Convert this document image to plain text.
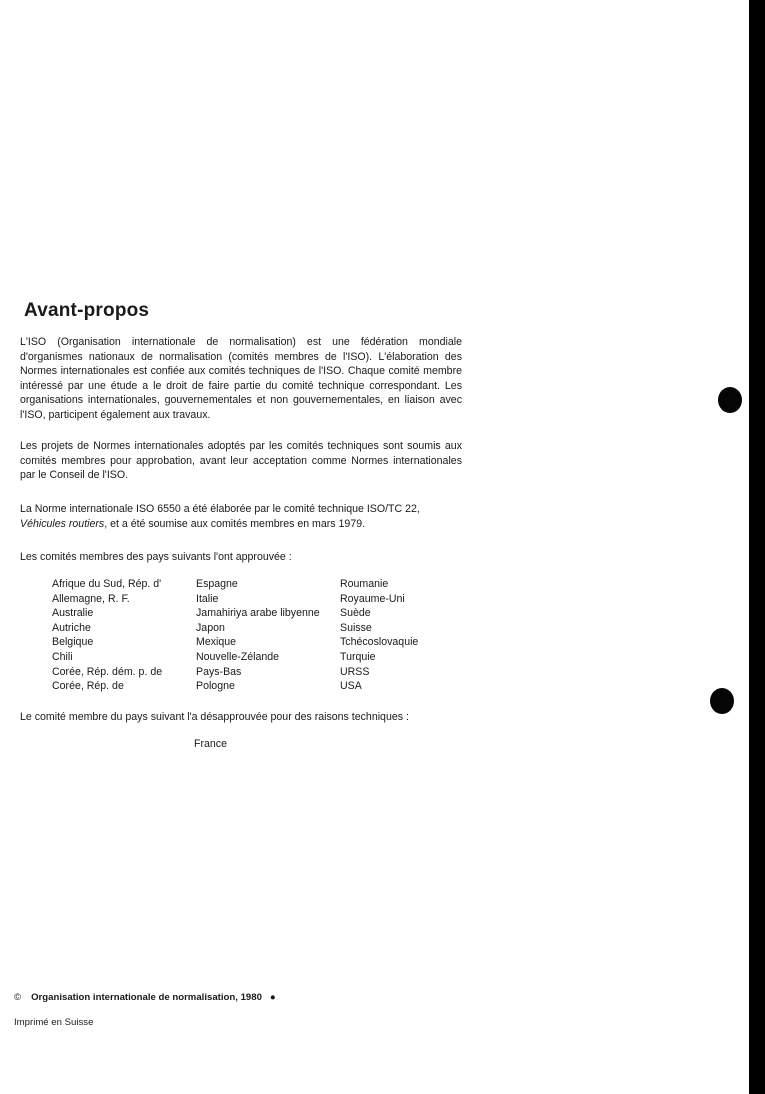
Avant-propos

L'ISO (Organisation internationale de normalisation) est une fédération mondiale d'organismes nationaux de normalisation (comités membres de l'ISO). L'élaboration des Normes internationales est confiée aux comités techniques de l'ISO. Chaque comité membre intéressé par une étude a le droit de faire partie du comité technique correspondant. Les organisations internationales, gouvernementales et non gouvernementales, en liaison avec l'ISO, participent également aux travaux.

Les projets de Normes internationales adoptés par les comités techniques sont soumis aux comités membres pour approbation, avant leur acceptation comme Normes internationales par le Conseil de l'ISO.

La Norme internationale ISO 6550 a été élaborée par le comité technique ISO/TC 22,
Véhicules routiers, et a été soumise aux comités membres en mars 1979.

Les comités membres des pays suivants l'ont approuvée :

Afrique du Sud, Rép. d'
Allemagne, R. F.
Australie
Autriche
Belgique
Chili
Corée, Rép. dém. p. de
Corée, Rép. de
Espagne
Italie
Jamahiriya arabe libyenne
Japon
Mexique
Nouvelle-Zélande
Pays-Bas
Pologne
Roumanie
Royaume-Uni
Suède
Suisse
Tchécoslovaquie
Turquie
URSS
USA

Le comité membre du pays suivant l'a désapprouvée pour des raisons techniques :

France
© Organisation internationale de normalisation, 1980 ●
Imprimé en Suisse
